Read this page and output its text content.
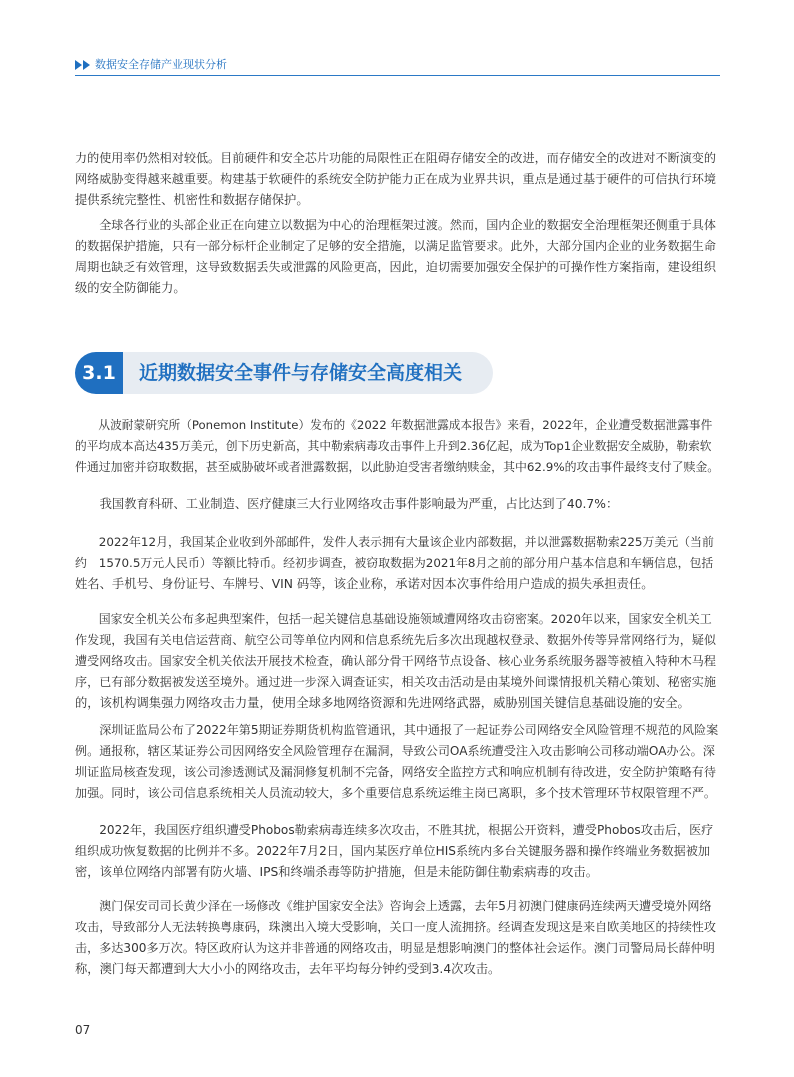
数据安全存储产业现状分析

力的使用率仍然相对较低。目前硬件和安全芯片功能的局限性正在阻碍存储安全的改进，而存储安全的改进对不断演变的
网络威胁变得越来越重要。构建基于软硬件的系统安全防护能力正在成为业界共识，重点是通过基于硬件的可信执行环境
提供系统完整性、机密性和数据存储保护。

　　全球各行业的头部企业正在向建立以数据为中心的治理框架过渡。然而，国内企业的数据安全治理框架还侧重于具体
的数据保护措施，只有一部分标杆企业制定了足够的安全措施，以满足监管要求。此外，大部分国内企业的业务数据生命
周期也缺乏有效管理，这导致数据丢失或泄露的风险更高，因此，迫切需要加强安全保护的可操作性方案指南，建设组织
级的安全防御能力。

3.1	近期数据安全事件与存储安全高度相关

　　从波耐蒙研究所（Ponemon Institute）发布的《2022 年数据泄露成本报告》来看，2022年，企业遭受数据泄露事件
的平均成本高达435万美元，创下历史新高，其中勒索病毒攻击事件上升到2.36亿起，成为Top1企业数据安全威胁，勒索软
件通过加密并窃取数据，甚至威胁破坏或者泄露数据，以此胁迫受害者缴纳赎金，其中62.9%的攻击事件最终支付了赎金。

　　我国教育科研、工业制造、医疗健康三大行业网络攻击事件影响最为严重，占比达到了40.7%：

　　2022年12月，我国某企业收到外部邮件，发件人表示拥有大量该企业内部数据，并以泄露数据勒索225万美元（当前
约　1570.5万元人民币）等额比特币。经初步调查，被窃取数据为2021年8月之前的部分用户基本信息和车辆信息，包括
姓名、手机号、身份证号、车牌号、VIN 码等，该企业称，承诺对因本次事件给用户造成的损失承担责任。

　　国家安全机关公布多起典型案件，包括一起关键信息基础设施领域遭网络攻击窃密案。2020年以来，国家安全机关工
作发现，我国有关电信运营商、航空公司等单位内网和信息系统先后多次出现越权登录、数据外传等异常网络行为，疑似
遭受网络攻击。国家安全机关依法开展技术检查，确认部分骨干网络节点设备、核心业务系统服务器等被植入特种木马程
序，已有部分数据被发送至境外。通过进一步深入调查证实，相关攻击活动是由某境外间谍情报机关精心策划、秘密实施
的，该机构调集强力网络攻击力量，使用全球多地网络资源和先进网络武器，威胁别国关键信息基础设施的安全。

　　深圳证监局公布了2022年第5期证券期货机构监管通讯，其中通报了一起证券公司网络安全风险管理不规范的风险案
例。通报称，辖区某证券公司因网络安全风险管理存在漏洞，导致公司OA系统遭受注入攻击影响公司移动端OA办公。深
圳证监局核查发现，该公司渗透测试及漏洞修复机制不完备，网络安全监控方式和响应机制有待改进，安全防护策略有待
加强。同时，该公司信息系统相关人员流动较大，多个重要信息系统运维主岗已离职，多个技术管理环节权限管理不严。

　　2022年，我国医疗组织遭受Phobos勒索病毒连续多次攻击，不胜其扰，根据公开资料，遭受Phobos攻击后，医疗
组织成功恢复数据的比例并不多。2022年7月2日，国内某医疗单位HIS系统内多台关键服务器和操作终端业务数据被加
密，该单位网络内部署有防火墙、IPS和终端杀毒等防护措施，但是未能防御住勒索病毒的攻击。

　　澳门保安司司长黄少泽在一场修改《维护国家安全法》咨询会上透露，去年5月初澳门健康码连续两天遭受境外网络
攻击，导致部分人无法转换粤康码，珠澳出入境大受影响，关口一度人流拥挤。经调查发现这是来自欧美地区的持续性攻
击，多达300多万次。特区政府认为这并非普通的网络攻击，明显是想影响澳门的整体社会运作。澳门司警局局长薛仲明
称，澳门每天都遭到大大小小的网络攻击，去年平均每分钟约受到3.4次攻击。

07
